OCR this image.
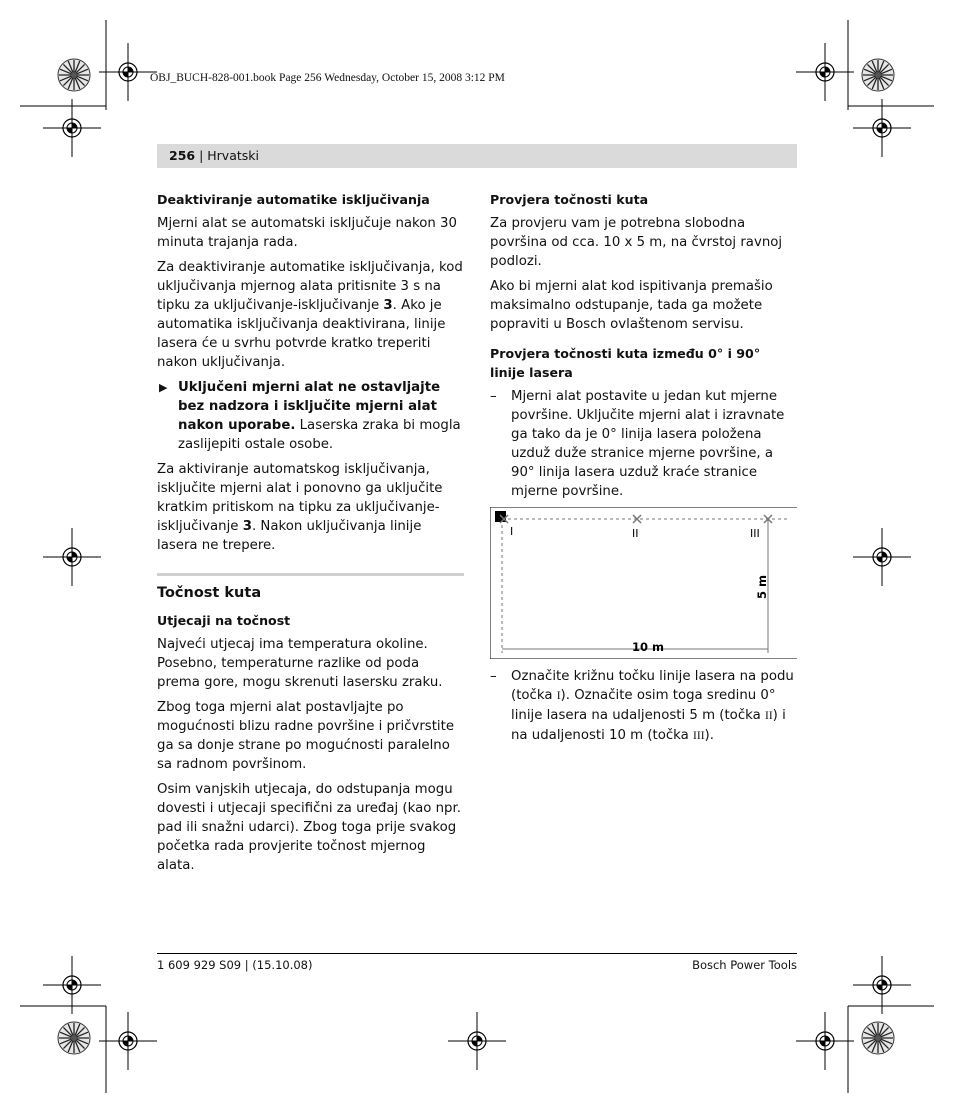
OBJ_BUCH-828-001.book Page 256 Wednesday, October 15, 2008 3:12 PM
256 | Hrvatski
Deaktiviranje automatike isključivanja

Mjerni alat se automatski isključuje nakon 30 minuta trajanja rada.

Za deaktiviranje automatike isključivanja, kod uključivanja mjernog alata pritisnite 3 s na tipku za uključivanje-isključivanje 3. Ako je automatika isključivanja deaktivirana, linije lasera će u svrhu potvrde kratko treperiti nakon uključivanja.

▶ Uključeni mjerni alat ne ostavljajte bez nadzora i isključite mjerni alat nakon uporabe. Laserska zraka bi mogla zaslijepiti ostale osobe.

Za aktiviranje automatskog isključivanja, isključite mjerni alat i ponovno ga uključite kratkim pritiskom na tipku za uključivanje-isključivanje 3. Nakon uključivanja linije lasera ne trepere.

Točnost kuta
Utjecaji na točnost

Najveći utjecaj ima temperatura okoline. Posebno, temperaturne razlike od poda prema gore, mogu skrenuti lasersku zraku.

Zbog toga mjerni alat postavljajte po mogućnosti blizu radne površine i pričvrstite ga sa donje strane po mogućnosti paralelno sa radnom površinom.

Osim vanjskih utjecaja, do odstupanja mogu dovesti i utjecaji specifični za uređaj (kao npr. pad ili snažni udarci). Zbog toga prije svakog početka rada provjerite točnost mjernog alata.

Provjera točnosti kuta

Za provjeru vam je potrebna slobodna površina od cca. 10 x 5 m, na čvrstoj ravnoj podlozi.

Ako bi mjerni alat kod ispitivanja premašio maksimalno odstupanje, tada ga možete popraviti u Bosch ovlaštenom servisu.

Provjera točnosti kuta između 0° i 90° linije lasera
– Mjerni alat postavite u jedan kut mjerne površine. Uključite mjerni alat i izravnate ga tako da je 0° linija lasera položena uzduž duže stranice mjerne površine, a 90° linija lasera uzduž kraće stranice mjerne površine.
I	II	III
5 m
10 m
– Označite križnu točku linije lasera na podu (točka I). Označite osim toga sredinu 0° linije lasera na udaljenosti 5 m (točka II) i na udaljenosti 10 m (točka III).
1 609 929 S09 | (15.10.08)	Bosch Power Tools
